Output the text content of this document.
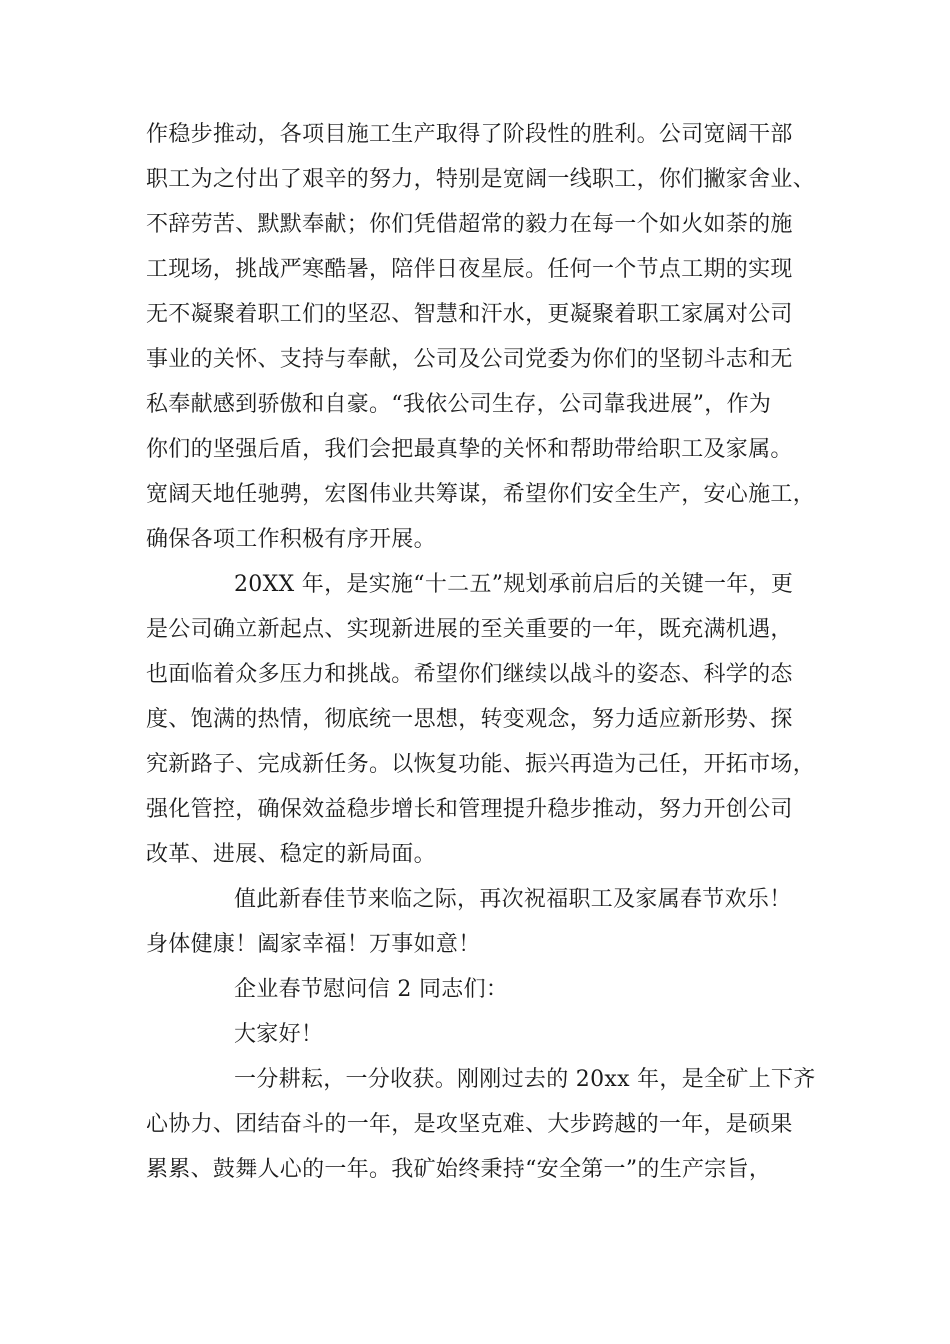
作稳步推动，各项目施工生产取得了阶段性的胜利。公司宽阔干部
职工为之付出了艰辛的努力，特别是宽阔一线职工，你们撇家舍业、
不辞劳苦、默默奉献；你们凭借超常的毅力在每一个如火如荼的施
工现场，挑战严寒酷暑，陪伴日夜星辰。任何一个节点工期的实现
无不凝聚着职工们的坚忍、智慧和汗水，更凝聚着职工家属对公司
事业的关怀、支持与奉献，公司及公司党委为你们的坚韧斗志和无
私奉献感到骄傲和自豪。“我依公司生存，公司靠我进展”，作为
你们的坚强后盾，我们会把最真挚的关怀和帮助带给职工及家属。
宽阔天地任驰骋，宏图伟业共筹谋，希望你们安全生产，安心施工，
确保各项工作积极有序开展。
20XX 年，是实施“十二五”规划承前启后的关键一年，更
是公司确立新起点、实现新进展的至关重要的一年，既充满机遇，
也面临着众多压力和挑战。希望你们继续以战斗的姿态、科学的态
度、饱满的热情，彻底统一思想，转变观念，努力适应新形势、探
究新路子、完成新任务。以恢复功能、振兴再造为己任，开拓市场，
强化管控，确保效益稳步增长和管理提升稳步推动，努力开创公司
改革、进展、稳定的新局面。
值此新春佳节来临之际，再次祝福职工及家属春节欢乐！
身体健康！阖家幸福！万事如意！
企业春节慰问信 2 同志们：
大家好！
一分耕耘，一分收获。刚刚过去的 20xx 年，是全矿上下齐
心协力、团结奋斗的一年，是攻坚克难、大步跨越的一年，是硕果
累累、鼓舞人心的一年。我矿始终秉持“安全第一”的生产宗旨，
